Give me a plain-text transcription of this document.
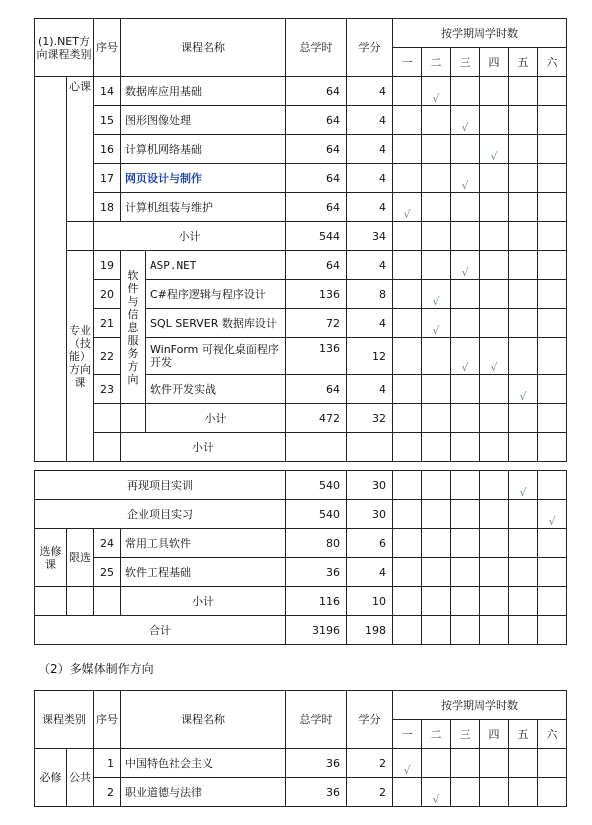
(1).NET方向课程类别		序号	课程名称		总学时	学分	按学期周学时数					
							一	二	三	四	五	六
	心课	14	数据库应用基础		64	4		√				
		15	图形图像处理		64	4			√			
		16	计算机网络基础		64	4				√		
		17	网页设计与制作		64	4			√			
		18	计算机组装与维护		64	4	√					
		小计			544	34						
	专业（技能）方向课	19	软件与信息服务方向	ASP.NET	64	4			√			
		20		C#程序逻辑与程序设计	136	8		√				
		21		SQL SERVER 数据库设计	72	4		√				
		22		WinForm 可视化桌面程序开发	136	12			√	√		
		23		软件开发实战	64	4					√	
				小计	472	32						
			小计									
（2）多媒体制作方向
课程类别		序号	课程名称	总学时	学分	按学期周学时数					
						一	二	三	四	五	六
必修	公共	1	中国特色社会主义	36	2	√					
		2	职业道德与法律	36	2		√				
再现项目实训				540	30					√	
企业项目实习				540	30						√
选修课	限选	24	常用工具软件	80	6						
		25	软件工程基础	36	4						
			小计	116	10						
合计				3196	198						
